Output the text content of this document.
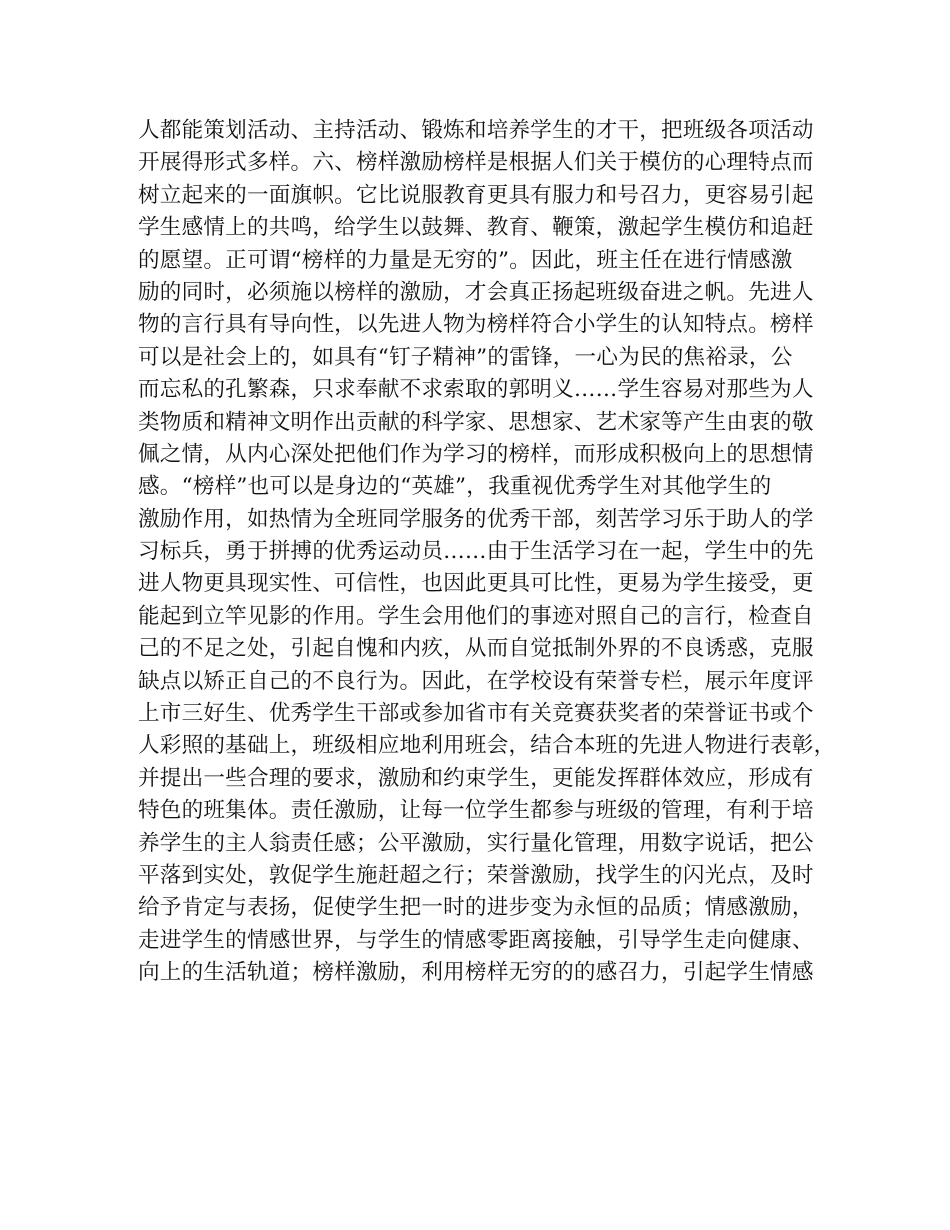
人都能策划活动、主持活动、锻炼和培养学生的才干，把班级各项活动
开展得形式多样。六、榜样激励榜样是根据人们关于模仿的心理特点而
树立起来的一面旗帜。它比说服教育更具有服力和号召力，更容易引起
学生感情上的共鸣，给学生以鼓舞、教育、鞭策，激起学生模仿和追赶
的愿望。正可谓“榜样的力量是无穷的”。因此，班主任在进行情感激
励的同时，必须施以榜样的激励，才会真正扬起班级奋进之帆。先进人
物的言行具有导向性，以先进人物为榜样符合小学生的认知特点。榜样
可以是社会上的，如具有“钉子精神”的雷锋，一心为民的焦裕录，公
而忘私的孔繁森，只求奉献不求索取的郭明义……学生容易对那些为人
类物质和精神文明作出贡献的科学家、思想家、艺术家等产生由衷的敬
佩之情，从内心深处把他们作为学习的榜样，而形成积极向上的思想情
感。“榜样”也可以是身边的“英雄”，我重视优秀学生对其他学生的
激励作用，如热情为全班同学服务的优秀干部，刻苦学习乐于助人的学
习标兵，勇于拼搏的优秀运动员……由于生活学习在一起，学生中的先
进人物更具现实性、可信性，也因此更具可比性，更易为学生接受，更
能起到立竿见影的作用。学生会用他们的事迹对照自己的言行，检查自
己的不足之处，引起自愧和内疚，从而自觉抵制外界的不良诱惑，克服
缺点以矫正自己的不良行为。因此，在学校设有荣誉专栏，展示年度评
上市三好生、优秀学生干部或参加省市有关竞赛获奖者的荣誉证书或个
人彩照的基础上，班级相应地利用班会，结合本班的先进人物进行表彰，
并提出一些合理的要求，激励和约束学生，更能发挥群体效应，形成有
特色的班集体。责任激励，让每一位学生都参与班级的管理，有利于培
养学生的主人翁责任感；公平激励，实行量化管理，用数字说话，把公
平落到实处，敦促学生施赶超之行；荣誉激励，找学生的闪光点，及时
给予肯定与表扬，促使学生把一时的进步变为永恒的品质；情感激励，
走进学生的情感世界，与学生的情感零距离接触，引导学生走向健康、
向上的生活轨道；榜样激励，利用榜样无穷的的感召力，引起学生情感
